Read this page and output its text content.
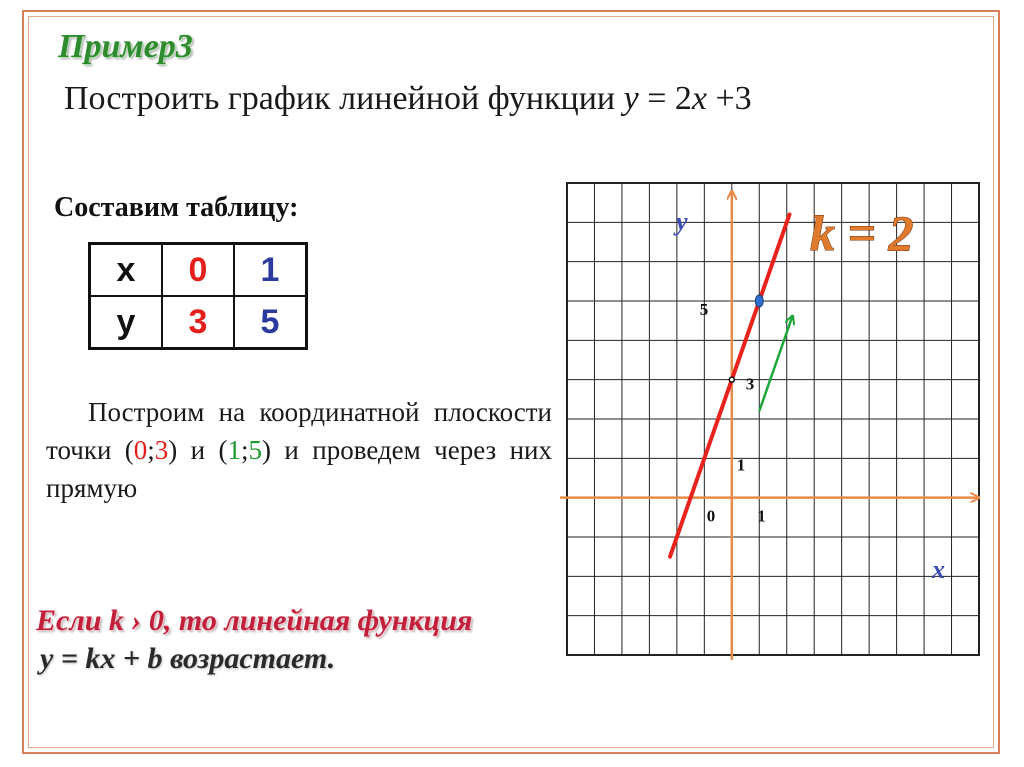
Пример3
Построить график линейной функции y = 2x +3
Составим таблицу:
x	0	1
y	3	5

Построим на координатной плоскости точки (0;3) и (1;5) и проведем через них прямую

Если k › 0, то линейная функция
y = kx + b возрастает.
1
1
3
5
0
x
y k = 2
